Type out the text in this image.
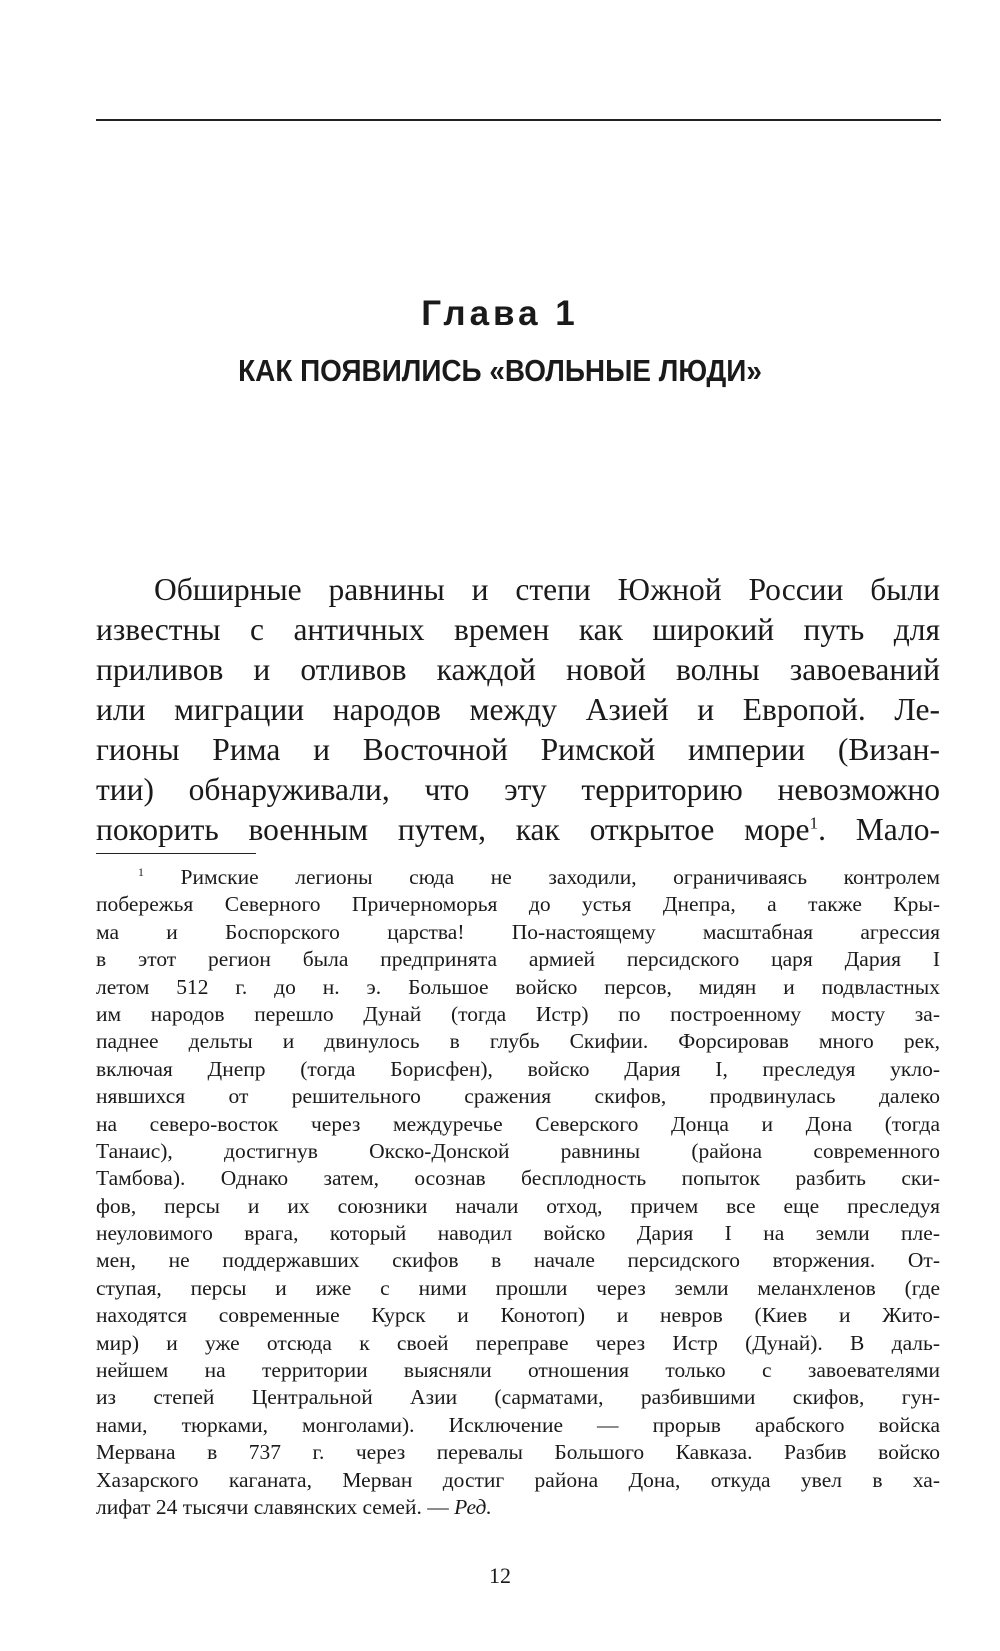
Глава 1
КАК ПОЯВИЛИСЬ «ВОЛЬНЫЕ ЛЮДИ»
Обширные равнины и степи Южной России были
известны с античных времен как широкий путь для
приливов и отливов каждой новой волны завоеваний
или миграции народов между Азией и Европой. Ле-
гионы Рима и Восточной Римской империи (Визан-
тии) обнаруживали, что эту территорию невозможно
покорить военным путем, как открытое море$^1$. Мало-
$^1$ Римские легионы сюда не заходили, ограничиваясь контролем
побережья Северного Причерноморья до устья Днепра, а также Кры-
ма и Боспорского царства! По-настоящему масштабная агрессия
в этот регион была предпринята армией персидского царя Дария I
летом 512 г. до н. э. Большое войско персов, мидян и подвластных
им народов перешло Дунай (тогда Истр) по построенному мосту за-
паднее дельты и двинулось в глубь Скифии. Форсировав много рек,
включая Днепр (тогда Борисфен), войско Дария I, преследуя укло-
нявшихся от решительного сражения скифов, продвинулась далеко
на северо-восток через междуречье Северского Донца и Дона (тогда
Танаис), достигнув Окско-Донской равнины (района современного
Тамбова). Однако затем, осознав бесплодность попыток разбить ски-
фов, персы и их союзники начали отход, причем все еще преследуя
неуловимого врага, который наводил войско Дария I на земли пле-
мен, не поддержавших скифов в начале персидского вторжения. От-
ступая, персы и иже с ними прошли через земли меланхленов (где
находятся современные Курск и Конотоп) и невров (Киев и Жито-
мир) и уже отсюда к своей переправе через Истр (Дунай). В даль-
нейшем на территории выясняли отношения только с завоевателями
из степей Центральной Азии (сарматами, разбившими скифов, гун-
нами, тюрками, монголами). Исключение — прорыв арабского войска
Мервана в 737 г. через перевалы Большого Кавказа. Разбив войско
Хазарского каганата, Мерван достиг района Дона, откуда увел в ха-
лифат 24 тысячи славянских семей. — Ред.
12
